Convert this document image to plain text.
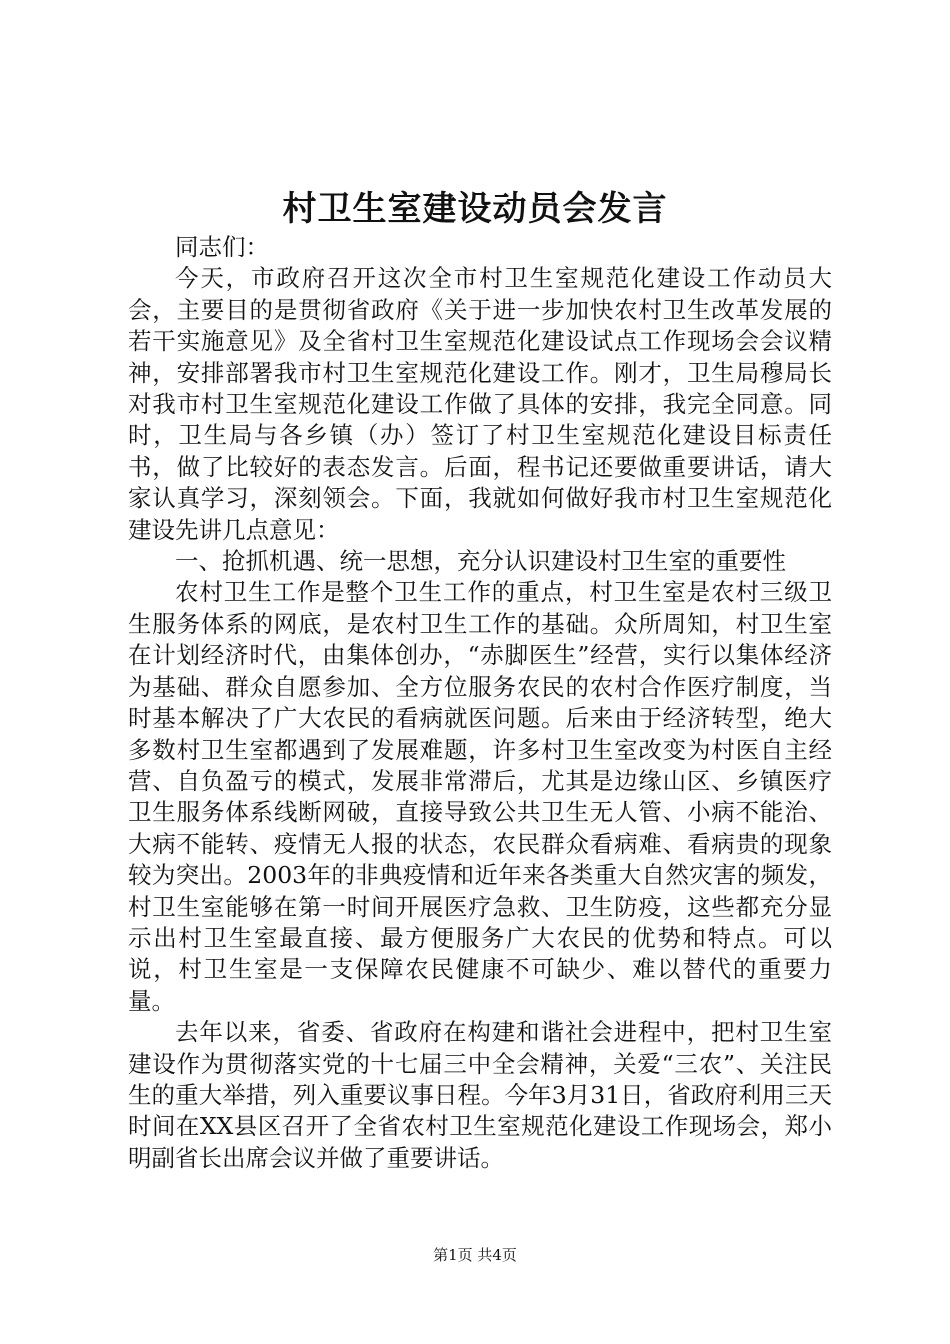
村卫生室建设动员会发言

同志们：

今天，市政府召开这次全市村卫生室规范化建设工作动员大会，主要目的是贯彻省政府《关于进一步加快农村卫生改革发展的若干实施意见》及全省村卫生室规范化建设试点工作现场会会议精神，安排部署我市村卫生室规范化建设工作。刚才，卫生局穆局长对我市村卫生室规范化建设工作做了具体的安排，我完全同意。同时，卫生局与各乡镇（办）签订了村卫生室规范化建设目标责任书，做了比较好的表态发言。后面，程书记还要做重要讲话，请大家认真学习，深刻领会。下面，我就如何做好我市村卫生室规范化建设先讲几点意见：

一、抢抓机遇、统一思想，充分认识建设村卫生室的重要性

农村卫生工作是整个卫生工作的重点，村卫生室是农村三级卫生服务体系的网底，是农村卫生工作的基础。众所周知，村卫生室在计划经济时代，由集体创办，“赤脚医生”经营，实行以集体经济为基础、群众自愿参加、全方位服务农民的农村合作医疗制度，当时基本解决了广大农民的看病就医问题。后来由于经济转型，绝大多数村卫生室都遇到了发展难题，许多村卫生室改变为村医自主经营、自负盈亏的模式，发展非常滞后，尤其是边缘山区、乡镇医疗卫生服务体系线断网破，直接导致公共卫生无人管、小病不能治、大病不能转、疫情无人报的状态，农民群众看病难、看病贵的现象较为突出。2003年的非典疫情和近年来各类重大自然灾害的频发，村卫生室能够在第一时间开展医疗急救、卫生防疫，这些都充分显示出村卫生室最直接、最方便服务广大农民的优势和特点。可以说，村卫生室是一支保障农民健康不可缺少、难以替代的重要力量。

去年以来，省委、省政府在构建和谐社会进程中，把村卫生室建设作为贯彻落实党的十七届三中全会精神，关爱“三农”、关注民生的重大举措，列入重要议事日程。今年3月31日，省政府利用三天时间在XX县区召开了全省农村卫生室规范化建设工作现场会，郑小明副省长出席会议并做了重要讲话。

第1页 共4页
